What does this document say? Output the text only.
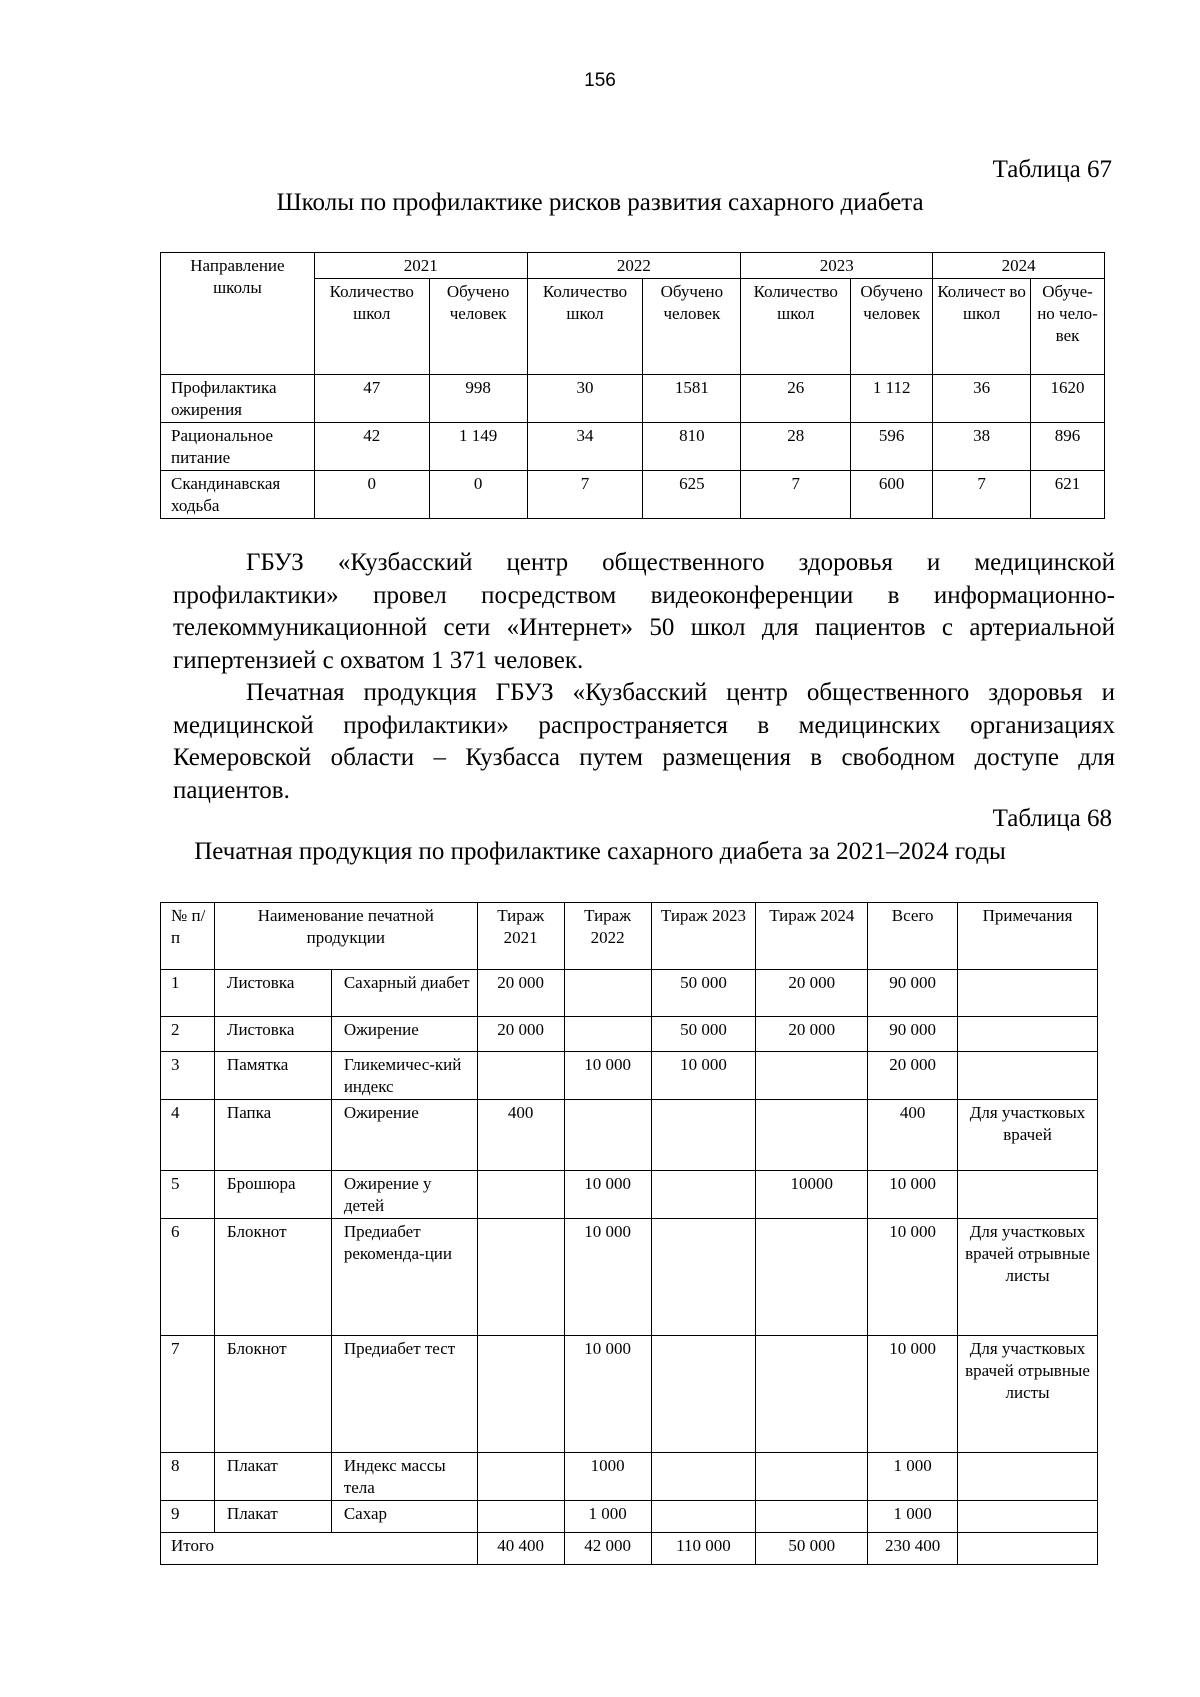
156
Таблица 67
Школы по профилактике рисков развития сахарного диабета
Направление школы	2021		2022		2023		2024	
	Количество школ	Обучено человек	Количество школ	Обучено человек	Количество школ	Обучено человек	Количест во школ	Обуче- но чело- век
Профилактика ожирения	47	998	30	1581	26	1 112	36	1620
Рациональное питание	42	1 149	34	810	28	596	38	896
Скандинавская ходьба	0	0	7	625	7	600	7	621

ГБУЗ «Кузбасский центр общественного здоровья и медицинской профилактики» провел посредством видеоконференции в информационно-телекоммуникационной сети «Интернет» 50 школ для пациентов с артериальной гипертензией с охватом 1 371 человек.

Печатная продукция ГБУЗ «Кузбасский центр общественного здоровья и медицинской профилактики» распространяется в медицинских организациях Кемеровской области – Кузбасса путем размещения в свободном доступе для пациентов.

Таблица 68
Печатная продукция по профилактике сахарного диабета за 2021–2024 годы
№ п/п	Наименование печатной продукции		Тираж 2021	Тираж 2022	Тираж 2023	Тираж 2024	Всего	Примечания
1	Листовка	Сахарный диабет	20 000		50 000	20 000	90 000	
2	Листовка	Ожирение	20 000		50 000	20 000	90 000	
3	Памятка	Гликемичес-кий индекс		10 000	10 000		20 000	
4	Папка	Ожирение	400				400	Для участковых врачей
5	Брошюра	Ожирение у детей		10 000		10000	10 000	
6	Блокнот	Предиабет рекоменда-ции		10 000			10 000	Для участковых врачей отрывные листы
7	Блокнот	Предиабет тест		10 000			10 000	Для участковых врачей отрывные листы
8	Плакат	Индекс массы тела		1000			1 000	
9	Плакат	Сахар		1 000			1 000	
Итого			40 400	42 000	110 000	50 000	230 400	
